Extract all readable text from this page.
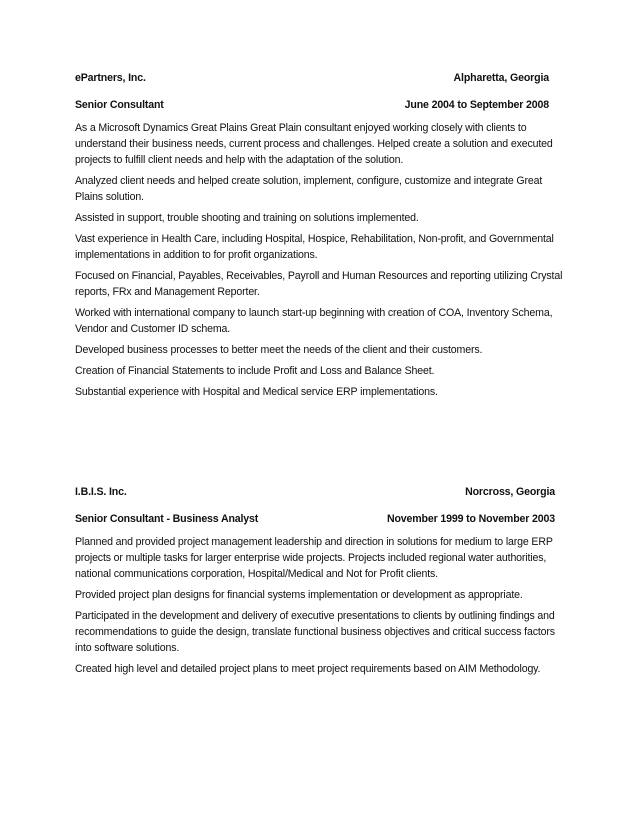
ePartners, Inc.	Alpharetta, Georgia
Senior Consultant	June 2004 to September 2008

As a Microsoft Dynamics Great Plains Great Plain consultant enjoyed working closely with clients to understand their business needs, current process and challenges. Helped create a solution and executed projects to fulfill client needs and help with the adaptation of the solution.

Analyzed client needs and helped create solution, implement, configure, customize and integrate Great Plains solution.

Assisted in support, trouble shooting and training on solutions implemented.

Vast experience in Health Care, including Hospital, Hospice, Rehabilitation, Non-profit, and Governmental implementations in addition to for profit organizations.

Focused on Financial, Payables, Receivables, Payroll and Human Resources and reporting utilizing Crystal reports, FRx and Management Reporter.

Worked with international company to launch start-up beginning with creation of COA, Inventory Schema, Vendor and Customer ID schema.

Developed business processes to better meet the needs of the client and their customers.

Creation of Financial Statements to include Profit and Loss and Balance Sheet.

Substantial experience with Hospital and Medical service ERP implementations.

I.B.I.S. Inc.	Norcross, Georgia
Senior Consultant - Business Analyst	November 1999 to November 2003

Planned and provided project management leadership and direction in solutions for medium to large ERP projects or multiple tasks for larger enterprise wide projects. Projects included regional water authorities, national communications corporation, Hospital/Medical and Not for Profit clients.

Provided project plan designs for financial systems implementation or development as appropriate.

Participated in the development and delivery of executive presentations to clients by outlining findings and recommendations to guide the design, translate functional business objectives and critical success factors into software solutions.

Created high level and detailed project plans to meet project requirements based on AIM Methodology.
